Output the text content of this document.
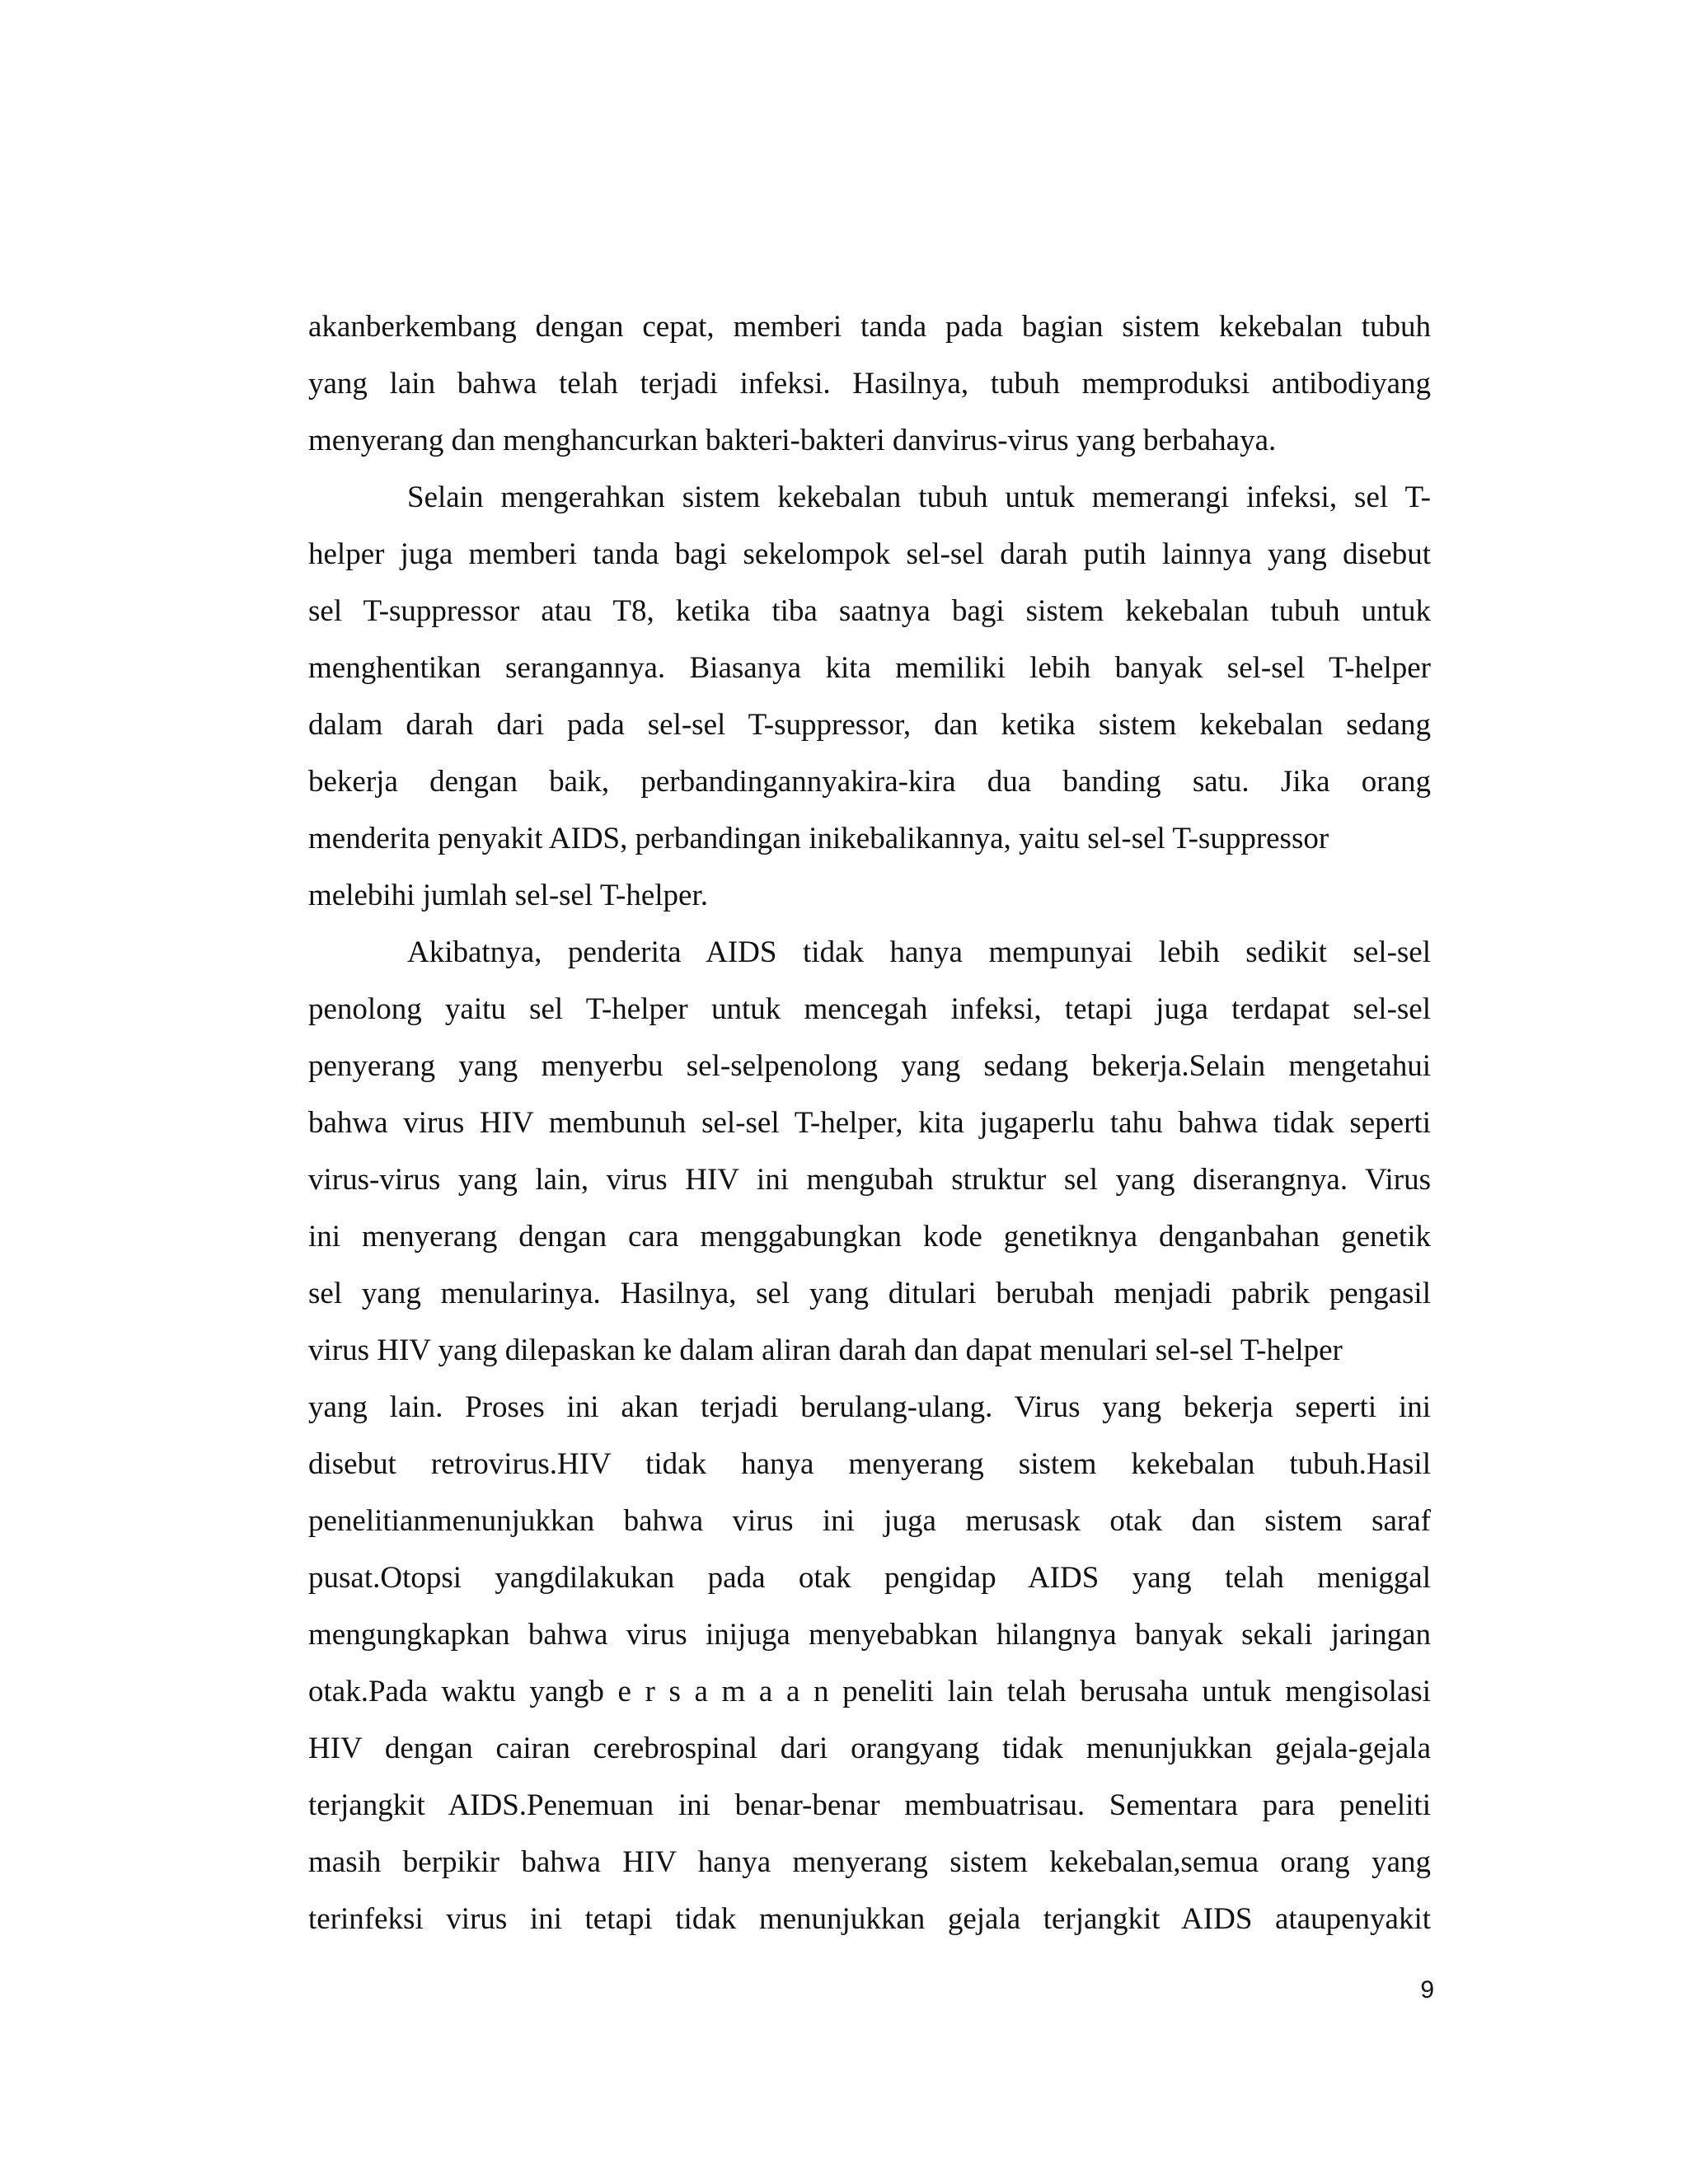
akanberkembang dengan cepat, memberi tanda pada bagian sistem kekebalan tubuh
yang lain bahwa telah terjadi infeksi. Hasilnya, tubuh memproduksi antibodiyang
menyerang dan menghancurkan bakteri-bakteri danvirus-virus yang berbahaya.
Selain mengerahkan sistem kekebalan tubuh untuk memerangi infeksi, sel T-
helper juga memberi tanda bagi sekelompok sel-sel darah putih lainnya yang disebut
sel T-suppressor atau T8, ketika tiba saatnya bagi sistem kekebalan tubuh untuk
menghentikan serangannya. Biasanya kita memiliki lebih banyak sel-sel T-helper
dalam darah dari pada sel-sel T-suppressor, dan ketika sistem kekebalan sedang
bekerja dengan baik, perbandingannyakira-kira dua banding satu. Jika orang
menderita penyakit AIDS, perbandingan inikebalikannya, yaitu sel-sel T-suppressor
melebihi jumlah sel-sel T-helper.
Akibatnya, penderita AIDS tidak hanya mempunyai lebih sedikit sel-sel
penolong yaitu sel T-helper untuk mencegah infeksi, tetapi juga terdapat sel-sel
penyerang yang menyerbu sel-selpenolong yang sedang bekerja.Selain mengetahui
bahwa virus HIV membunuh sel-sel T-helper, kita jugaperlu tahu bahwa tidak seperti
virus-virus yang lain, virus HIV ini mengubah struktur sel yang diserangnya. Virus
ini menyerang dengan cara menggabungkan kode genetiknya denganbahan genetik
sel yang menularinya. Hasilnya, sel yang ditulari berubah menjadi pabrik pengasil
virus HIV yang dilepaskan ke dalam aliran darah dan dapat menulari sel-sel T-helper
yang lain. Proses ini akan terjadi berulang-ulang. Virus yang bekerja seperti ini
disebut retrovirus.HIV tidak hanya menyerang sistem kekebalan tubuh.Hasil
penelitianmenunjukkan bahwa virus ini juga merusask otak dan sistem saraf
pusat.Otopsi yangdilakukan pada otak pengidap AIDS yang telah meniggal
mengungkapkan bahwa virus inijuga menyebabkan hilangnya banyak sekali jaringan
otak.Pada waktu yangb e r s a m a a n peneliti lain telah berusaha untuk mengisolasi
HIV dengan cairan cerebrospinal dari orangyang tidak menunjukkan gejala-gejala
terjangkit AIDS.Penemuan ini benar-benar membuatrisau. Sementara para peneliti
masih berpikir bahwa HIV hanya menyerang sistem kekebalan,semua orang yang
terinfeksi virus ini tetapi tidak menunjukkan gejala terjangkit AIDS ataupenyakit
9
